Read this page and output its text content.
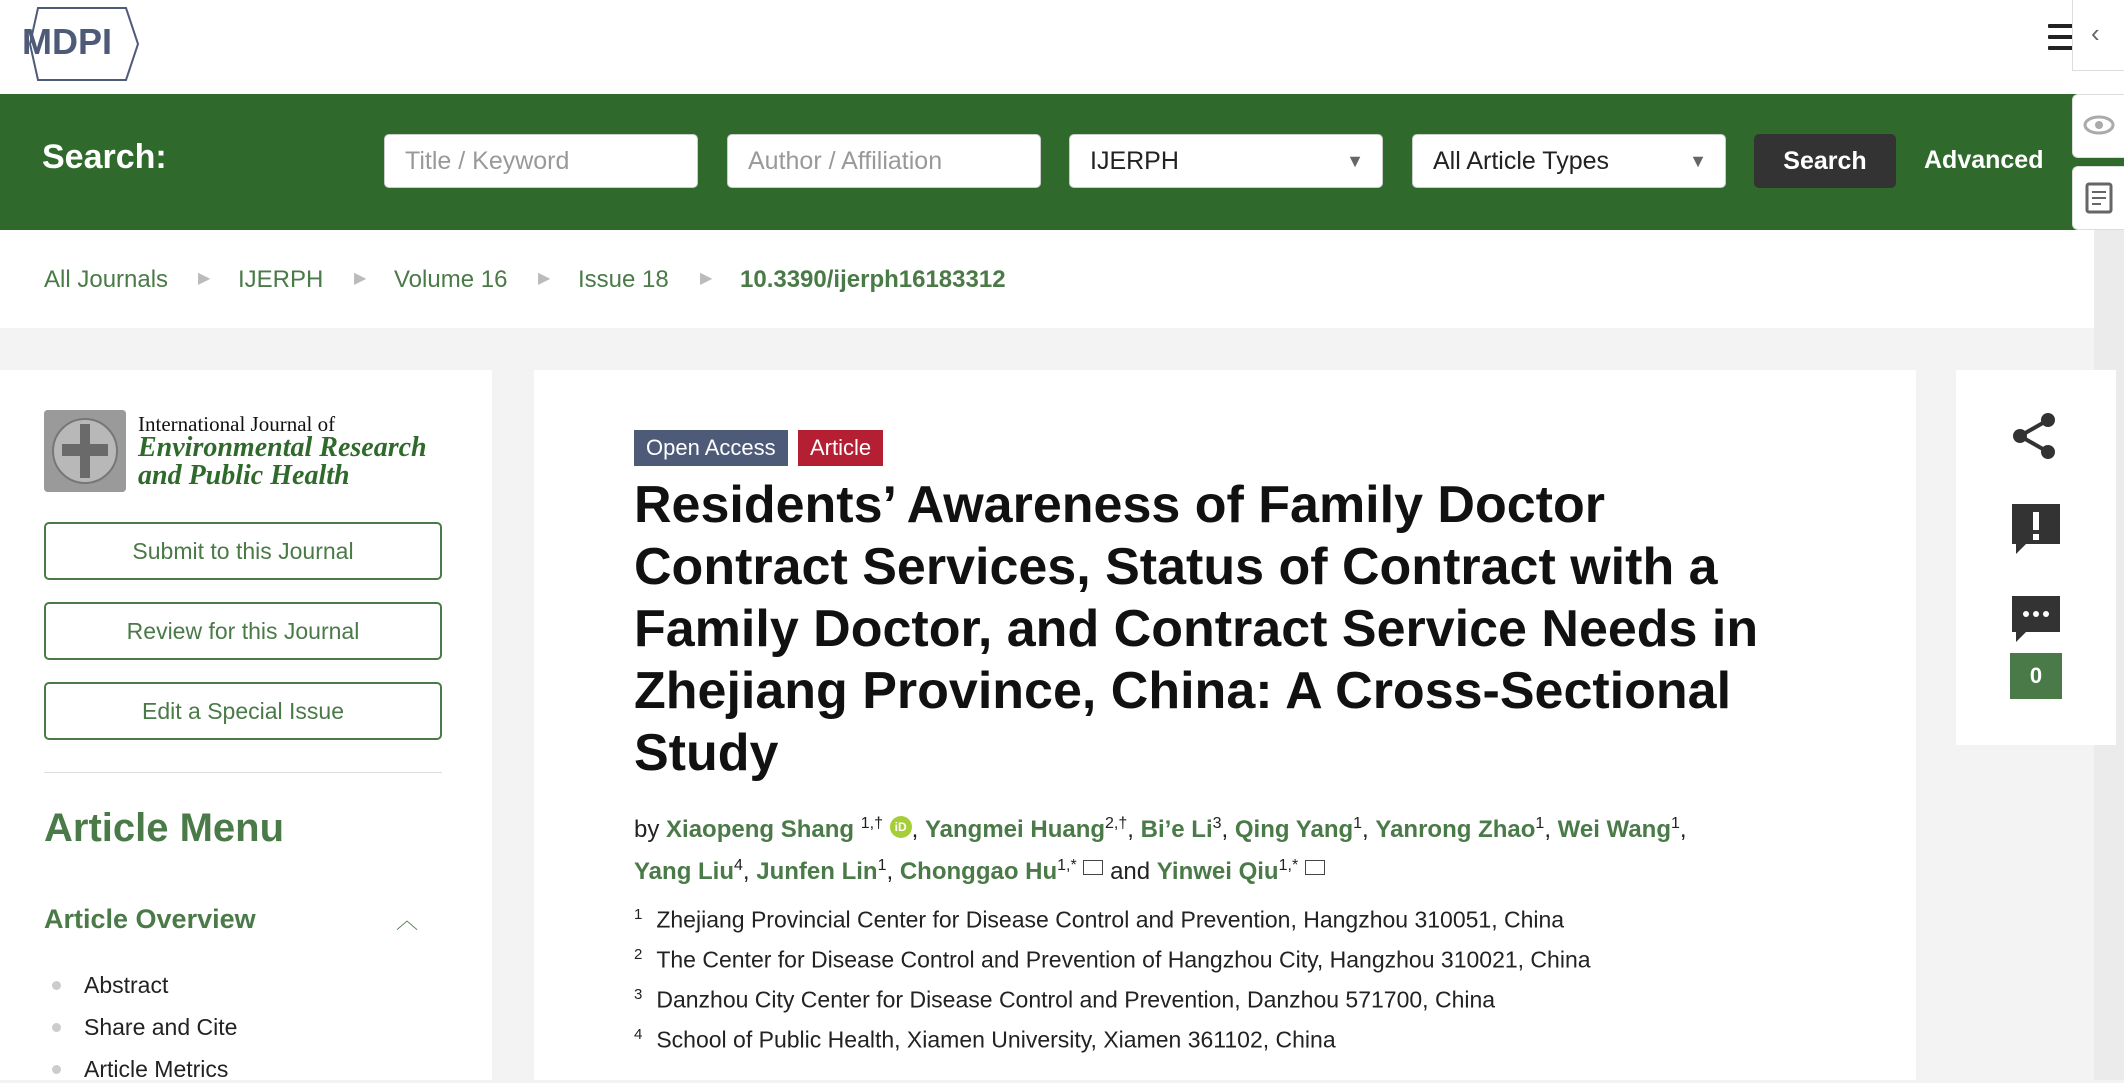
MDPI	‹
Search:	Title / Keyword	Author / Affiliation	IJERPH	▼	All Article Types	▼	Search	Advanced
All Journals ▶ IJERPH ▶ Volume 16 ▶ Issue 18 ▶ 10.3390/ijerph16183312
International Journal of
Environmental Research
and Public Health
Submit to this Journal
Review for this Journal
Edit a Special Issue
Article Menu
Article Overview	︿
Abstract
Share and Cite
Article Metrics
Open Access	Article
Residents’ Awareness of Family Doctor Contract Services, Status of Contract with a Family Doctor, and Contract Service Needs in Zhejiang Province, China: A Cross-Sectional Study
by Xiaopeng Shang $^{1,\dagger}$ iD , Yangmei Huang$^{2,\dagger}$, Bi’e Li$^3$, Qing Yang$^1$, Yanrong Zhao$^1$, Wei Wang$^1$,
Yang Liu$^4$, Junfen Lin$^1$, Chonggao $Hu^{1,*}$ and Yinwei Qiu$^{1,*}$
$^1$ Zhejiang Provincial Center for Disease Control and Prevention, Hangzhou 310051, China
$^2$ The Center for Disease Control and Prevention of Hangzhou City, Hangzhou 310021, China
$^3$ Danzhou City Center for Disease Control and Prevention, Danzhou 571700, China
$^4$ School of Public Health, Xiamen University, Xiamen 361102, China
0
